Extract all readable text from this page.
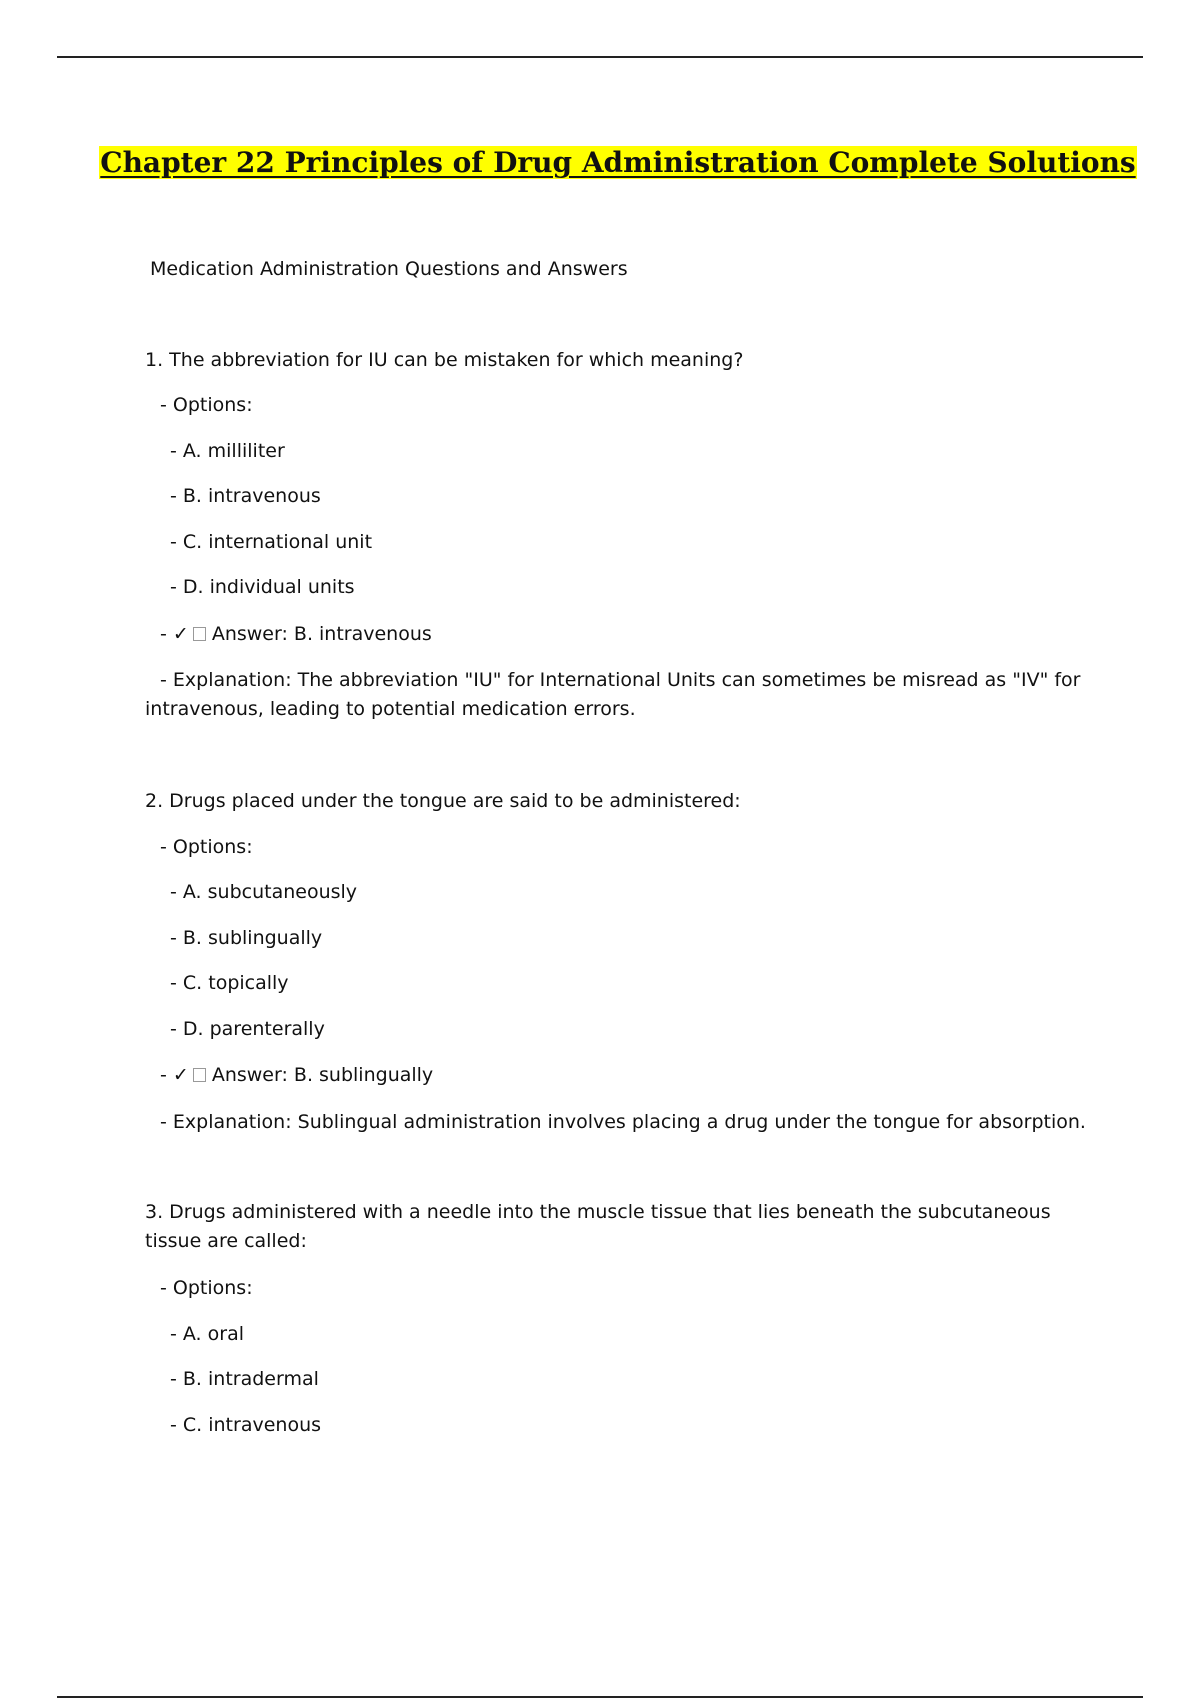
Chapter 22 Principles of Drug Administration Complete Solutions

Medication Administration Questions and Answers

1. The abbreviation for IU can be mistaken for which meaning?

- Options:

- A. milliliter

- B. intravenous

- C. international unit

- D. individual units

- ✓ Answer: B. intravenous

- Explanation: The abbreviation "IU" for International Units can sometimes be misread as "IV" for intravenous, leading to potential medication errors.

2. Drugs placed under the tongue are said to be administered:

- Options:

- A. subcutaneously

- B. sublingually

- C. topically

- D. parenterally

- ✓ Answer: B. sublingually

- Explanation: Sublingual administration involves placing a drug under the tongue for absorption.

3. Drugs administered with a needle into the muscle tissue that lies beneath the subcutaneous tissue are called:

- Options:

- A. oral

- B. intradermal

- C. intravenous
